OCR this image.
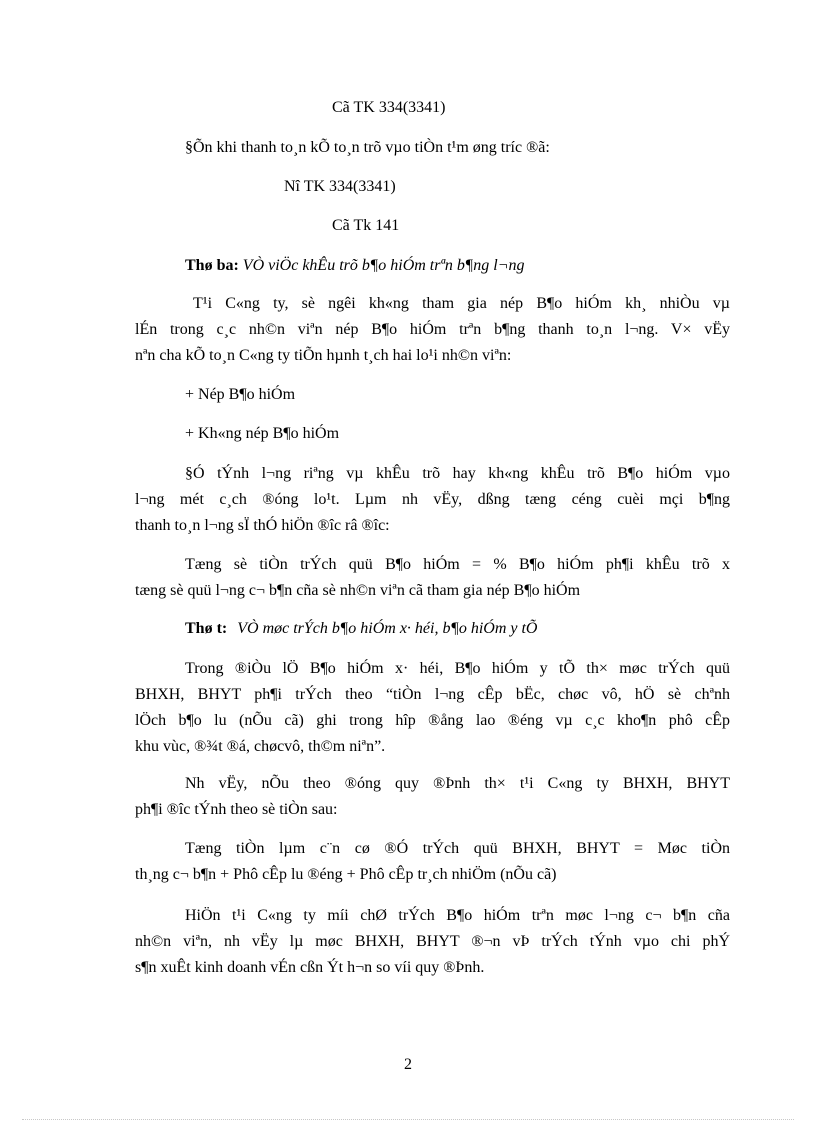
Cã TK 334(3341)
§Õn khi thanh to¸n kÕ to¸n trõ vµo tiÒn t¹m øng tríc ®ã:
Nî TK 334(3341)
Cã Tk 141
Thø ba: VÒ viÖc khÊu trõ b¶o hiÓm trªn b¶ng l¬ng
T¹i C«ng ty, sè ngêi kh«ng tham gia nép B¶o hiÓm kh¸ nhiÒu vµ
lÉn trong c¸c nh©n viªn nép B¶o hiÓm trªn b¶ng thanh to¸n l¬ng. V× vËy
nªn cha kÕ to¸n C«ng ty tiÕn hµnh t¸ch hai lo¹i nh©n viªn:
+ Nép B¶o hiÓm
+ Kh«ng nép B¶o hiÓm
§Ó tÝnh l¬ng riªng vµ khÊu trõ hay kh«ng khÊu trõ B¶o hiÓm vµo
l¬ng mét c¸ch ®óng lo¹t. Lµm nh vËy, dßng tæng céng cuèi mçi b¶ng
thanh to¸n l¬ng sÏ thÓ hiÖn ®îc râ ®îc:
Tæng sè tiÒn trÝch quü B¶o hiÓm = % B¶o hiÓm ph¶i khÊu trõ x
tæng sè quü l¬ng c¬ b¶n cña sè nh©n viªn cã tham gia nép B¶o hiÓm
Thø t: VÒ møc trÝch b¶o hiÓm x· héi, b¶o hiÓm y tÕ
Trong ®iÒu lÖ B¶o hiÓm x· héi, B¶o hiÓm y tÕ th× møc trÝch quü
BHXH, BHYT ph¶i trÝch theo “tiÒn l¬ng cÊp bËc, chøc vô, hÖ sè chªnh
lÖch b¶o lu (nÕu cã) ghi trong hîp ®ång lao ®éng vµ c¸c kho¶n phô cÊp
khu vùc, ®¾t ®á, chøcvô, th©m niªn”.
Nh vËy, nÕu theo ®óng quy ®Þnh th× t¹i C«ng ty BHXH, BHYT
ph¶i ®îc tÝnh theo sè tiÒn sau:
Tæng tiÒn lµm c¨n cø ®Ó trÝch quü BHXH, BHYT = Møc tiÒn
th¸ng c¬ b¶n + Phô cÊp lu ®éng + Phô cÊp tr¸ch nhiÖm (nÕu cã)
HiÖn t¹i C«ng ty míi chØ trÝch B¶o hiÓm trªn møc l¬ng c¬ b¶n cña
nh©n viªn, nh vËy lµ møc BHXH, BHYT ®¬n vÞ trÝch tÝnh vµo chi phÝ
s¶n xuÊt kinh doanh vÉn cßn Ýt h¬n so víi quy ®Þnh.
2
